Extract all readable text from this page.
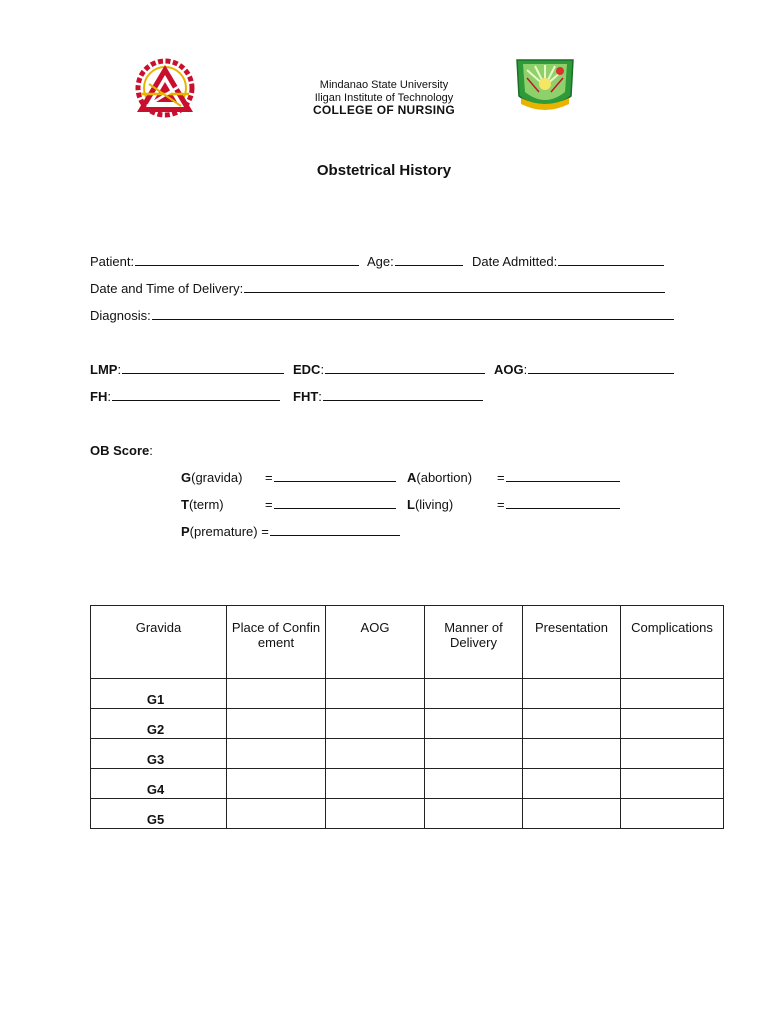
Mindanao State University
Iligan Institute of Technology
COLLEGE OF NURSING
Obstetrical History
Patient:	Age:	Date Admitted:
Date and Time of Delivery:
Diagnosis:
LMP:	EDC:	AOG:
FH:	FHT:
OB Score:
G(gravida) =	A(abortion) =
T(term)	=	L(living)	=
P(premature) =
Gravida	Place of Confinement	AOG	Manner of Delivery	Presentation	Complications
G1					
G2					
G3					
G4					
G5					
